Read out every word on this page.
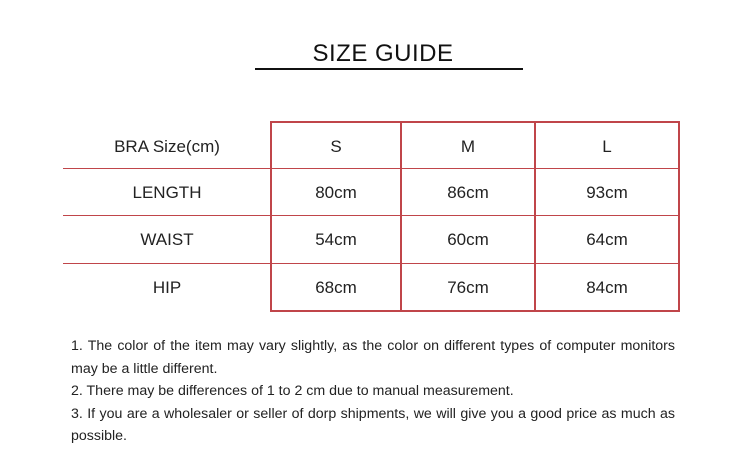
SIZE GUIDE
BRA Size(cm)	S	M	L
LENGTH	80cm	86cm	93cm
WAIST	54cm	60cm	64cm
HIP	68cm	76cm	84cm

1. The color of the item may vary slightly, as the color on different types of computer monitors may be a little different.

2. There may be differences of 1 to 2 cm due to manual measurement.

3. If you are a wholesaler or seller of dorp shipments, we will give you a good price as much as possible.
